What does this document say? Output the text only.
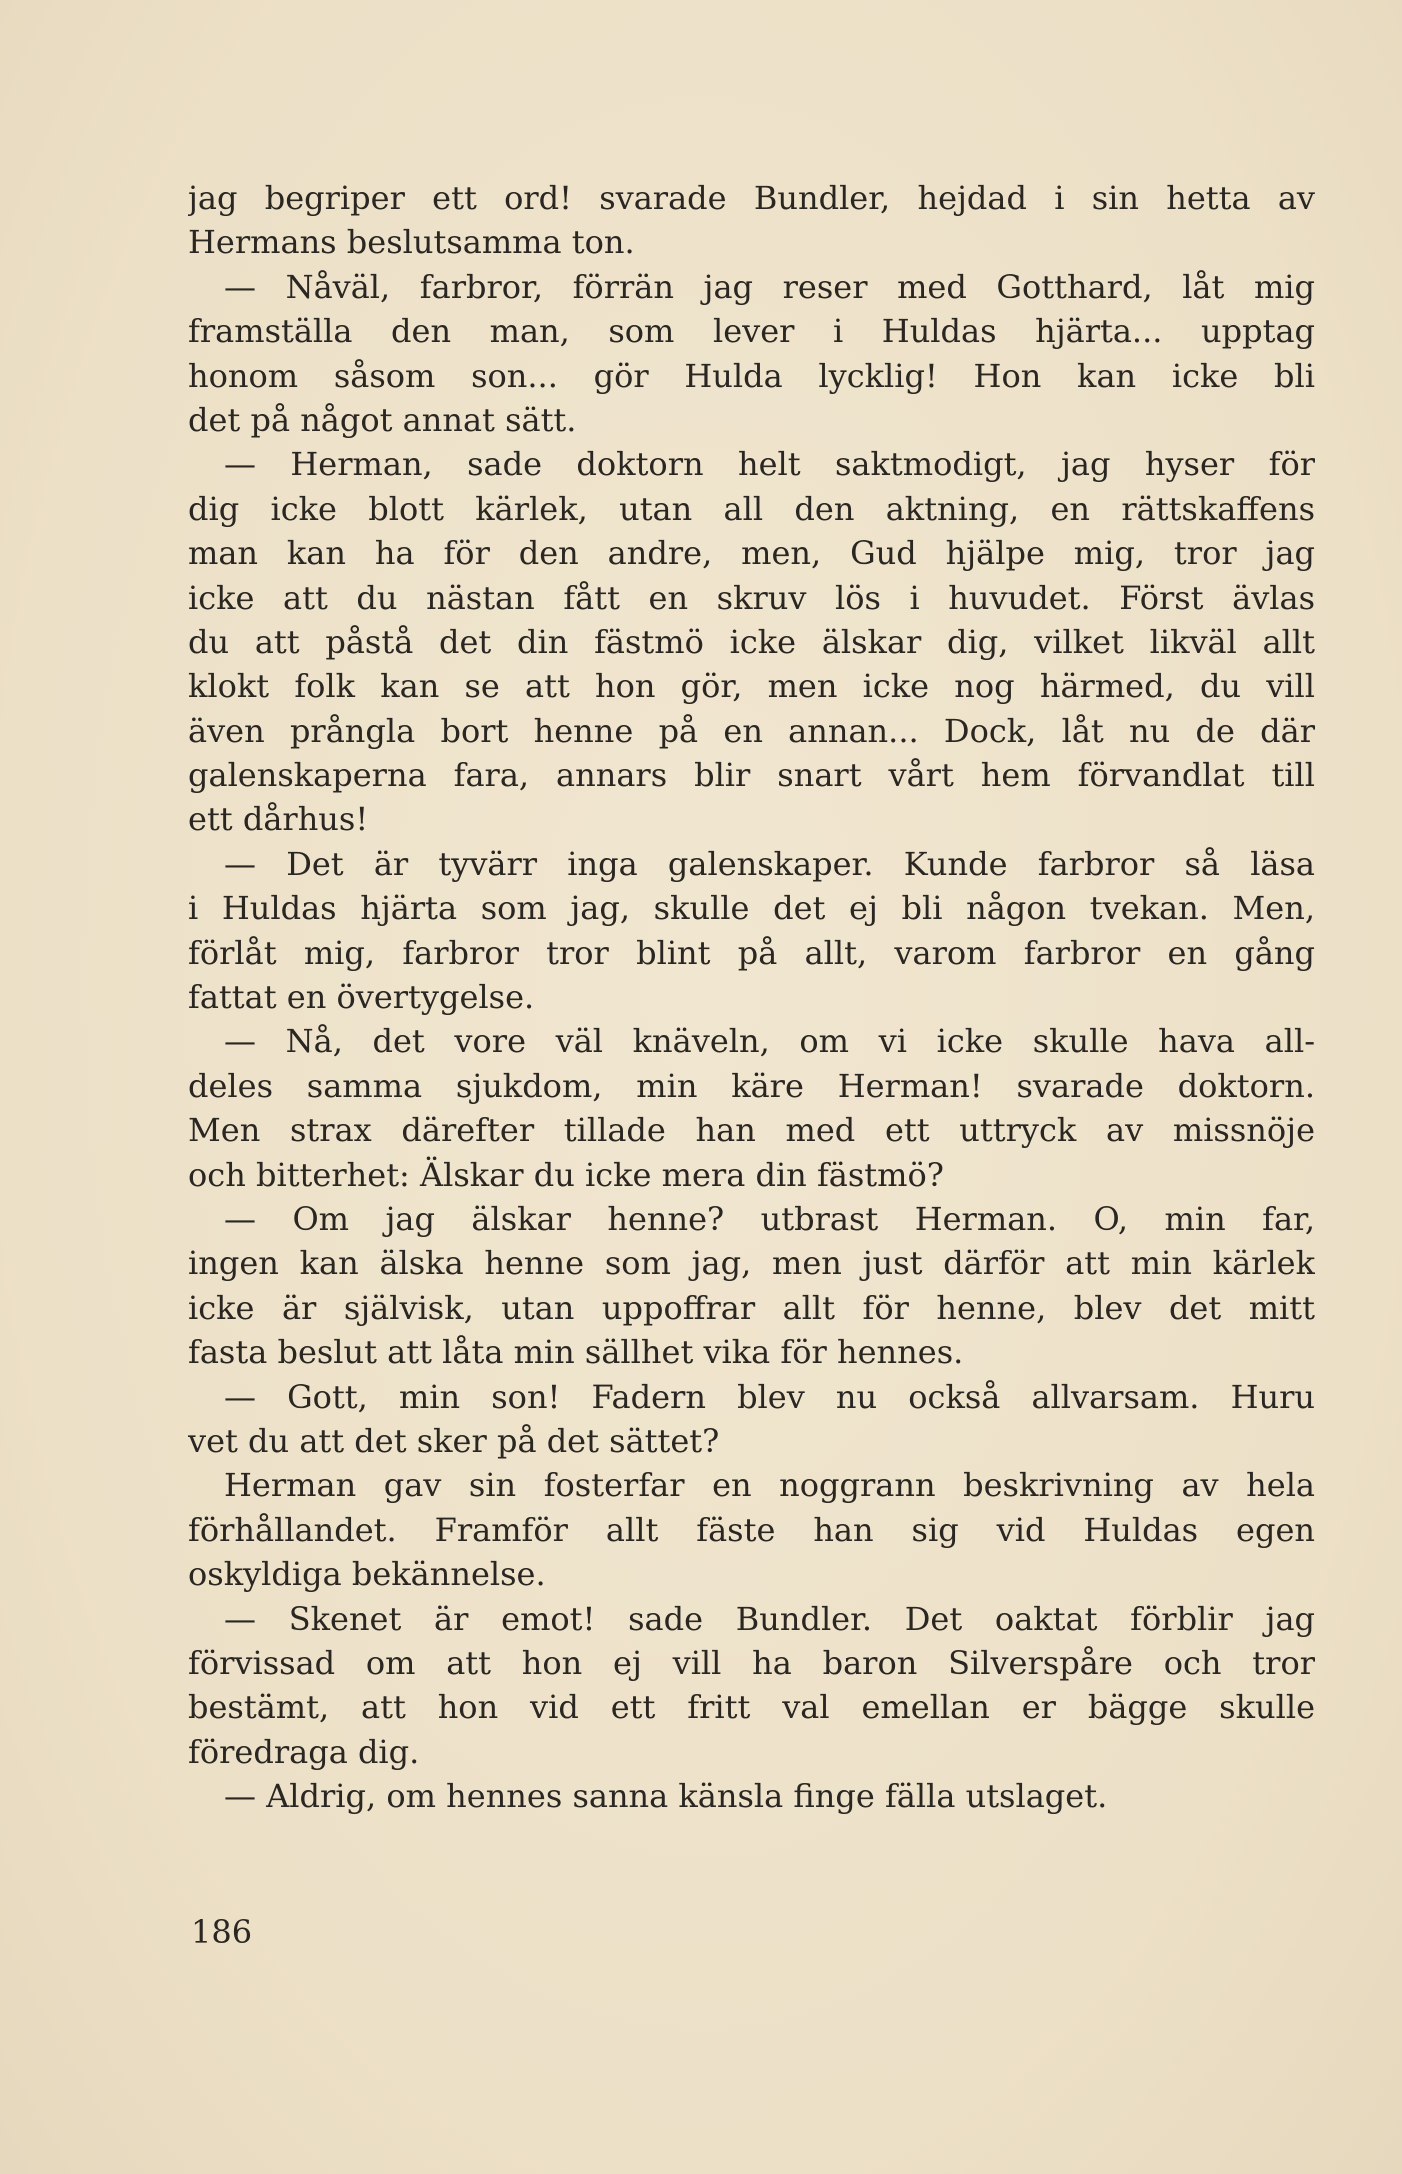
jag begriper ett ord! svarade Bundler, hejdad i sin hetta av
Hermans beslutsamma ton.
— Nåväl, farbror, förrän jag reser med Gotthard, låt mig
framställa den man, som lever i Huldas hjärta... upptag
honom såsom son... gör Hulda lycklig! Hon kan icke bli
det på något annat sätt.
— Herman, sade doktorn helt saktmodigt, jag hyser för
dig icke blott kärlek, utan all den aktning, en rättskaffens
man kan ha för den andre, men, Gud hjälpe mig, tror jag
icke att du nästan fått en skruv lös i huvudet. Först ävlas
du att påstå det din fästmö icke älskar dig, vilket likväl allt
klokt folk kan se att hon gör, men icke nog härmed, du vill
även prångla bort henne på en annan... Dock, låt nu de där
galenskaperna fara, annars blir snart vårt hem förvandlat till
ett dårhus!
— Det är tyvärr inga galenskaper. Kunde farbror så läsa
i Huldas hjärta som jag, skulle det ej bli någon tvekan. Men,
förlåt mig, farbror tror blint på allt, varom farbror en gång
fattat en övertygelse.
— Nå, det vore väl knäveln, om vi icke skulle hava all-
deles samma sjukdom, min käre Herman! svarade doktorn.
Men strax därefter tillade han med ett uttryck av missnöje
och bitterhet: Älskar du icke mera din fästmö?
— Om jag älskar henne? utbrast Herman. O, min far,
ingen kan älska henne som jag, men just därför att min kärlek
icke är självisk, utan uppoffrar allt för henne, blev det mitt
fasta beslut att låta min sällhet vika för hennes.
— Gott, min son! Fadern blev nu också allvarsam. Huru
vet du att det sker på det sättet?
Herman gav sin fosterfar en noggrann beskrivning av hela
förhållandet. Framför allt fäste han sig vid Huldas egen
oskyldiga bekännelse.
— Skenet är emot! sade Bundler. Det oaktat förblir jag
förvissad om att hon ej vill ha baron Silverspåre och tror
bestämt, att hon vid ett fritt val emellan er bägge skulle
föredraga dig.
— Aldrig, om hennes sanna känsla finge fälla utslaget.
186
